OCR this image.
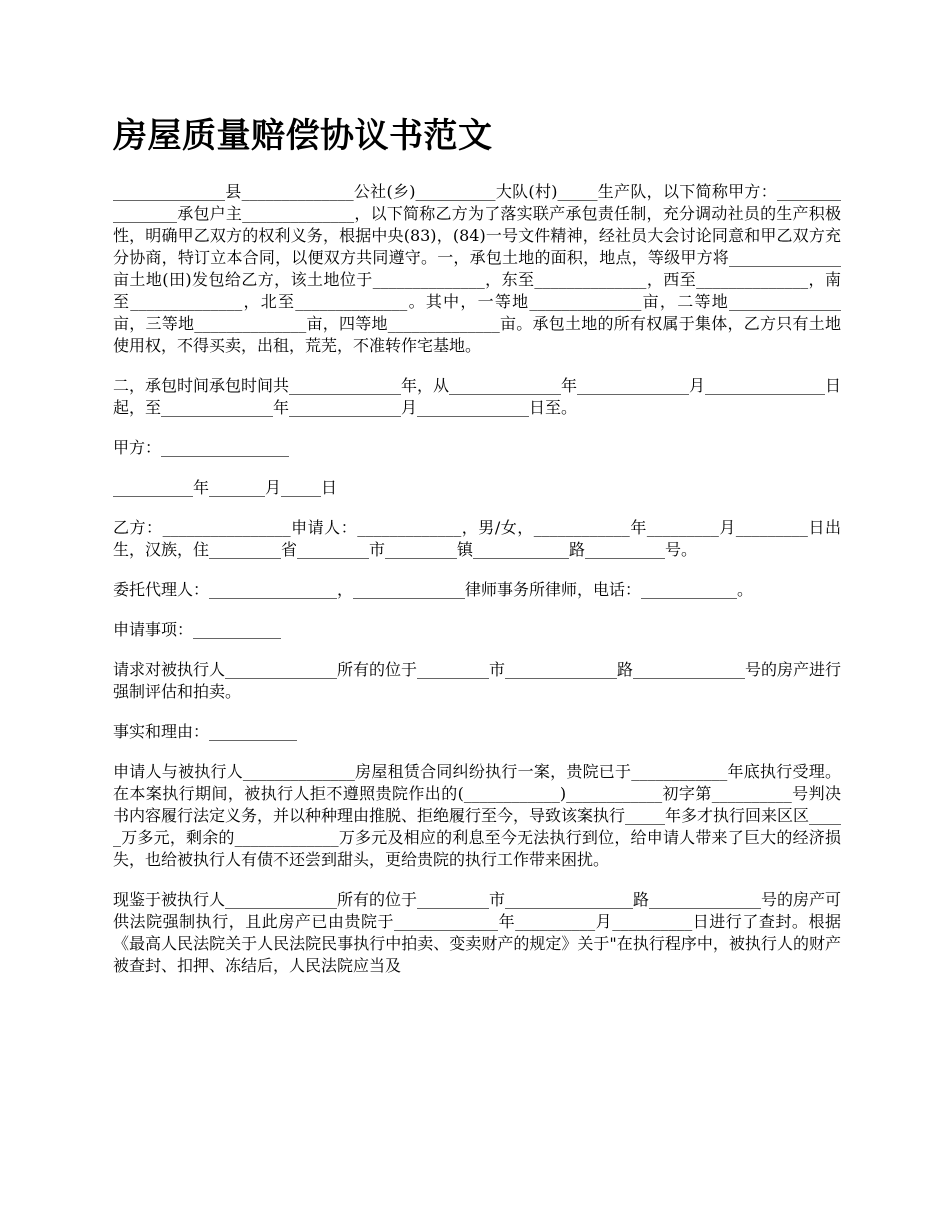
房屋质量赔偿协议书范文

______________县______________公社(乡)__________大队(村)_____生产队，以下简称甲方：________________承包户主______________，以下简称乙方为了落实联产承包责任制，充分调动社员的生产积极性，明确甲乙双方的权利义务，根据中央(83)，(84)一号文件精神，经社员大会讨论同意和甲乙双方充分协商，特订立本合同，以便双方共同遵守。一，承包土地的面积，地点，等级甲方将______________亩土地(田)发包给乙方，该土地位于______________，东至______________，西至______________，南至______________，北至______________。其中，一等地______________亩，二等地______________亩，三等地______________亩，四等地______________亩。承包土地的所有权属于集体，乙方只有土地使用权，不得买卖，出租，荒芜，不准转作宅基地。

二，承包时间承包时间共______________年，从______________年______________月_______________日起，至______________年______________月______________日至。

甲方：________________

__________年_______月_____日

乙方：________________申请人：_____________，男/女，____________年_________月_________日出生，汉族，住_________省_________市_________镇____________路__________号。

委托代理人：________________，______________律师事务所律师，电话：____________。

申请事项：___________

请求对被执行人______________所有的位于_________市______________路______________号的房产进行强制评估和拍卖。

事实和理由：___________

申请人与被执行人______________房屋租赁合同纠纷执行一案，贵院已于____________年底执行受理。在本案执行期间，被执行人拒不遵照贵院作出的(____________)____________初字第__________号判决书内容履行法定义务，并以种种理由推脱、拒绝履行至今，导致该案执行_____年多才执行回来区区_____万多元，剩余的_____________万多元及相应的利息至今无法执行到位，给申请人带来了巨大的经济损失，也给被执行人有债不还尝到甜头，更给贵院的执行工作带来困扰。

现鉴于被执行人______________所有的位于_________市________________路______________号的房产可供法院强制执行，且此房产已由贵院于_____________年__________月__________日进行了查封。根据《最高人民法院关于人民法院民事执行中拍卖、变卖财产的规定》关于"在执行程序中，被执行人的财产被查封、扣押、冻结后，人民法院应当及
